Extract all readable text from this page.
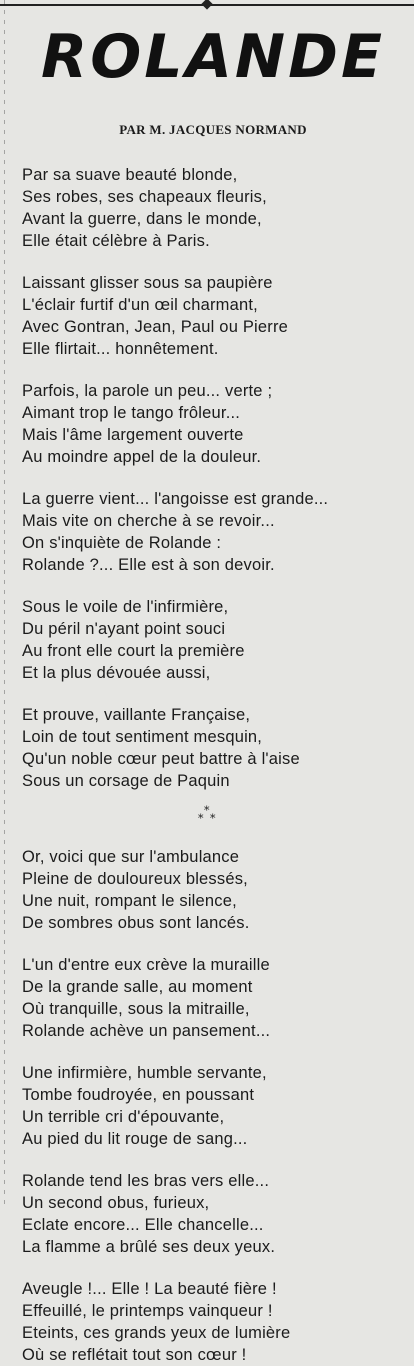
ROLANDE
PAR M. JACQUES NORMAND
Par sa suave beauté blonde,
Ses robes, ses chapeaux fleuris,
Avant la guerre, dans le monde,
Elle était célèbre à Paris.
Laissant glisser sous sa paupière
L'éclair furtif d'un œil charmant,
Avec Gontran, Jean, Paul ou Pierre
Elle flirtait... honnêtement.
Parfois, la parole un peu... verte ;
Aimant trop le tango frôleur...
Mais l'âme largement ouverte
Au moindre appel de la douleur.
La guerre vient... l'angoisse est grande...
Mais vite on cherche à se revoir...
On s'inquiète de Rolande :
Rolande ?... Elle est à son devoir.
Sous le voile de l'infirmière,
Du péril n'ayant point souci
Au front elle court la première
Et la plus dévouée aussi,
Et prouve, vaillante Française,
Loin de tout sentiment mesquin,
Qu'un noble cœur peut battre à l'aise
Sous un corsage de Paquin
*
* *
Or, voici que sur l'ambulance
Pleine de douloureux blessés,
Une nuit, rompant le silence,
De sombres obus sont lancés.
L'un d'entre eux crève la muraille
De la grande salle, au moment
Où tranquille, sous la mitraille,
Rolande achève un pansement...
Une infirmière, humble servante,
Tombe foudroyée, en poussant
Un terrible cri d'épouvante,
Au pied du lit rouge de sang...
Rolande tend les bras vers elle...
Un second obus, furieux,
Eclate encore... Elle chancelle...
La flamme a brûlé ses deux yeux.
Aveugle !... Elle ! La beauté fière !
Effeuillé, le printemps vainqueur !
Eteints, ces grands yeux de lumière
Où se reflétait tout son cœur !
